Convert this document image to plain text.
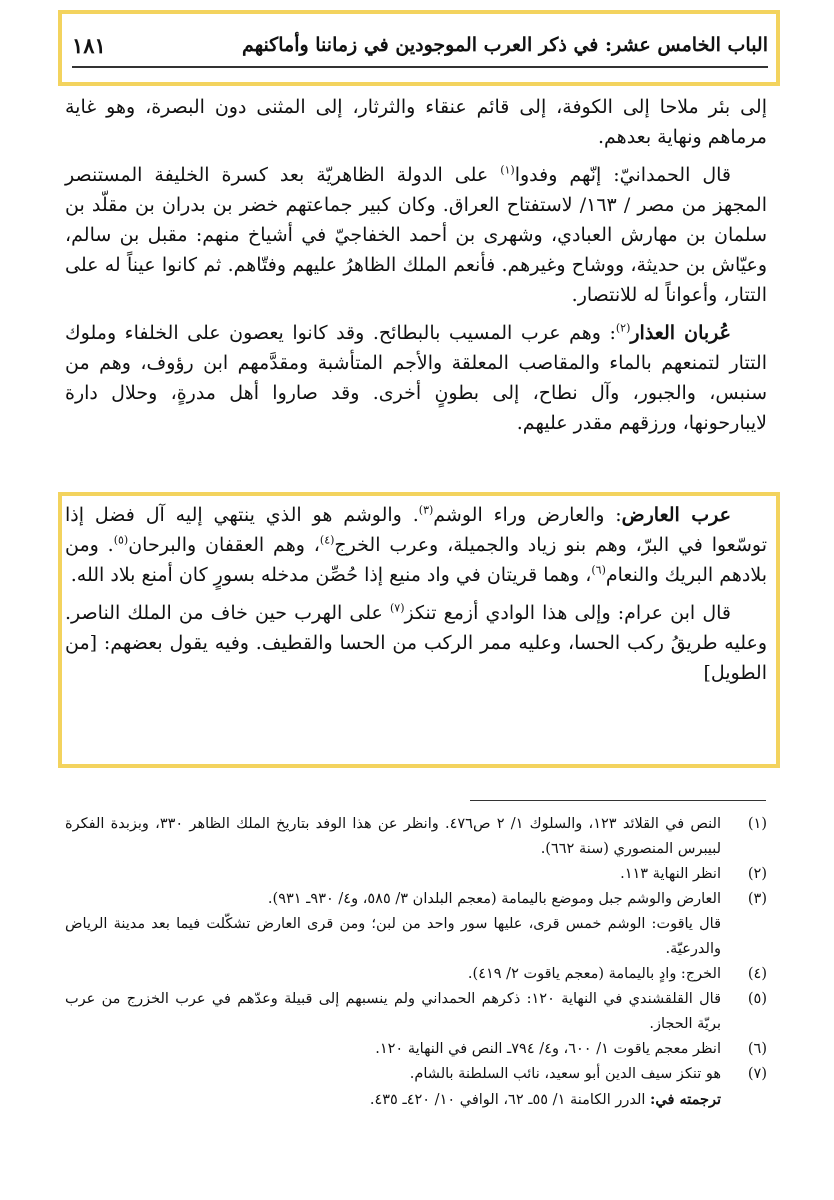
الباب الخامس عشر: في ذكر العرب الموجودين في زماننا وأماكنهم
١٨١

إلى بئر ملاحا إلى الكوفة، إلى قائم عنقاء والثرثار، إلى المثنى دون البصرة، وهو غاية مرماهم ونهاية بعدهم.

قال الحمدانيّ: إنّهم وفدوا$^{(١)}$ على الدولة الظاهريّة بعد كسرة الخليفة المستنصر المجهز من مصر / ١٦٣/ لاستفتاح العراق. وكان كبير جماعتهم خضر بن بدران بن مقلّد بن سلمان بن مهارش العبادي، وشهرى بن أحمد الخفاجيّ في أشياخ منهم: مقبل بن سالم، وعيّاش بن حديثة، ووشاح وغيرهم. فأنعم الملك الظاهرُ عليهم وفتّاهم. ثم كانوا عيناً له على التتار، وأعواناً له للانتصار.

عُربان العذار$^{(٢)}$: وهم عرب المسيب بالبطائح. وقد كانوا يعصون على الخلفاء وملوك التتار لتمنعهم بالماء والمقاصب المعلقة والأجم المتأشبة ومقدَّمهم ابن رؤوف، وهم من سنبس، والجبور، وآل نطاح، إلى بطونٍ أخرى. وقد صاروا أهل مدرةٍ، وحلال دارة لايبارحونها، ورزقهم مقدر عليهم.

عرب العارض: والعارض وراء الوشم$^{(٣)}$. والوشم هو الذي ينتهي إليه آل فضل إذا توسّعوا في البرّ، وهم بنو زياد والجميلة، وعرب الخرج$^{(٤)}$، وهم العقفان والبرحان$^{(٥)}$. ومن بلادهم البريك والنعام$^{(٦)}$، وهما قريتان في واد منيع إذا حُصِّن مدخله بسورٍ كان أمنع بلاد الله.

قال ابن عرام: وإلى هذا الوادي أزمع تنكز$^{(٧)}$ على الهرب حين خاف من الملك الناصر. وعليه طريقُ ركب الحسا، وعليه ممر الركب من الحسا والقطيف. وفيه يقول بعضهم: [من الطويل]

(١)
النص في القلائد ١٢٣، والسلوك ١/ ٢ ص٤٧٦. وانظر عن هذا الوفد بتاريخ الملك الظاهر ٣٣٠، وبزبدة الفكرة لبيبرس المنصوري (سنة ٦٦٢).
(٢)
انظر النهاية ١١٣.
(٣)
العارض والوشم جبل وموضع باليمامة (معجم البلدان ٣/ ٥٨٥، و٤/ ٩٣٠ـ ٩٣١).
قال ياقوت: الوشم خمس قرى، عليها سور واحد من لبن؛ ومن قرى العارض تشكّلت فيما بعد مدينة الرياض والدرعيّة.
(٤)
الخرج: وادٍ باليمامة (معجم ياقوت ٢/ ٤١٩).
(٥)
قال القلقشندي في النهاية ١٢٠: ذكرهم الحمداني ولم ينسبهم إلى قبيلة وعدّهم في عرب الخزرج من عرب بريّة الحجاز.
(٦)
انظر معجم ياقوت ١/ ٦٠٠، و٤/ ٧٩٤ـ النص في النهاية ١٢٠.
(٧)
هو تنكز سيف الدين أبو سعيد، نائب السلطنة بالشام.
ترجمته في: الدرر الكامنة ١/ ٥٥ـ ٦٢، الوافي ١٠/ ٤٢٠ـ ٤٣٥.
